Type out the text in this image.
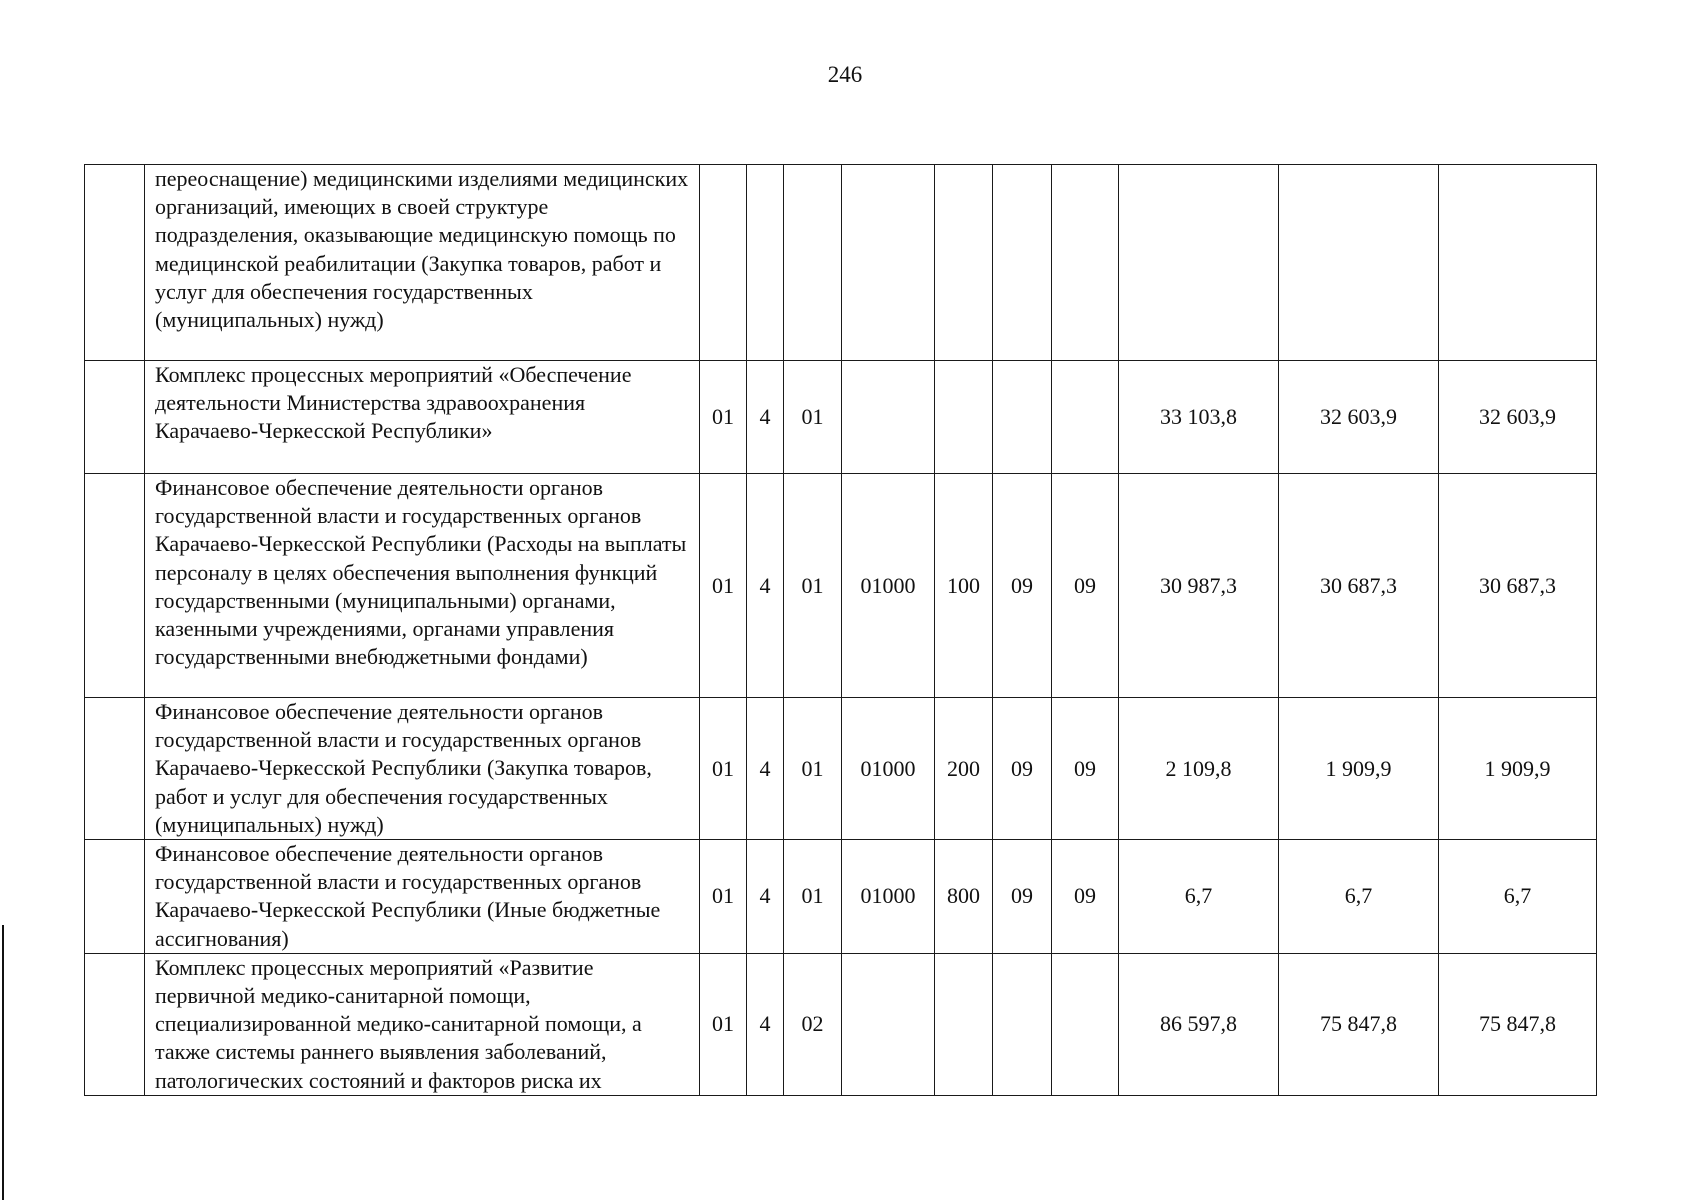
246
	переоснащение) медицинскими изделиями медицинских организаций, имеющих в своей структуре подразделения, оказывающие медицинскую помощь по медицинской реабилитации (Закупка товаров, работ и услуг для обеспечения государственных (муниципальных) нужд)										
	Комплекс процессных мероприятий «Обеспечение деятельности Министерства здравоохранения Карачаево-Черкесской Республики»	01	4	01					33 103,8	32 603,9	32 603,9
	Финансовое обеспечение деятельности органов государственной власти и государственных органов Карачаево-Черкесской Республики (Расходы на выплаты персоналу в целях обеспечения выполнения функций государственными (муниципальными) органами, казенными учреждениями, органами управления государственными внебюджетными фондами)	01	4	01	01000	100	09	09	30 987,3	30 687,3	30 687,3
	Финансовое обеспечение деятельности органов государственной власти и государственных органов Карачаево-Черкесской Республики (Закупка товаров, работ и услуг для обеспечения государственных (муниципальных) нужд)	01	4	01	01000	200	09	09	2 109,8	1 909,9	1 909,9
	Финансовое обеспечение деятельности органов государственной власти и государственных органов Карачаево-Черкесской Республики (Иные бюджетные ассигнования)	01	4	01	01000	800	09	09	6,7	6,7	6,7
	Комплекс процессных мероприятий «Развитие первичной медико-санитарной помощи, специализированной медико-санитарной помощи, а также системы раннего выявления заболеваний, патологических состояний и факторов риска их	01	4	02					86 597,8	75 847,8	75 847,8
